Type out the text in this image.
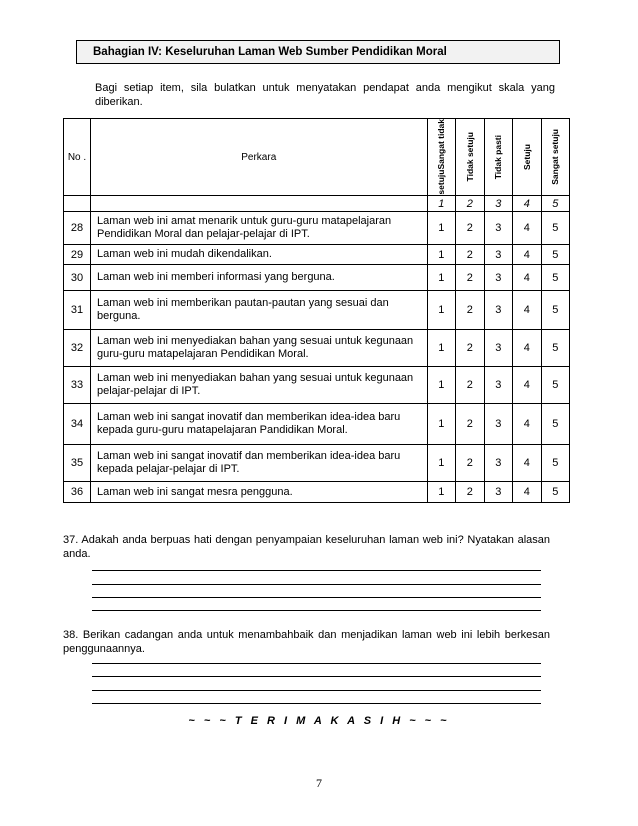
Bahagian IV: Keseluruhan Laman Web Sumber Pendidikan Moral
Bagi setiap item, sila bulatkan untuk menyatakan pendapat anda mengikut skala yang diberikan.
No .	Perkara	setujuSangat tidak	Tidak setuju	Tidak pasti	Setuju	Sangat setuju

		1	2	3	4	5
28	Laman web ini amat menarik untuk guru-guru matapelajaran Pendidikan Moral dan pelajar-pelajar di IPT.	1	2	3	4	5
29	Laman web ini mudah dikendalikan.	1	2	3	4	5
30	Laman web ini memberi informasi yang berguna.	1	2	3	4	5
31	Laman web ini memberikan pautan-pautan yang sesuai dan berguna.	1	2	3	4	5
32	Laman web ini menyediakan bahan yang sesuai untuk kegunaan guru-guru matapelajaran Pendidikan Moral.	1	2	3	4	5
33	Laman web ini menyediakan bahan yang sesuai untuk kegunaan pelajar-pelajar di IPT.	1	2	3	4	5
34	Laman web ini sangat inovatif dan memberikan idea-idea baru kepada guru-guru matapelajaran Pandidikan Moral.	1	2	3	4	5
35	Laman web ini sangat inovatif dan memberikan idea-idea baru kepada pelajar-pelajar di IPT.	1	2	3	4	5
36	Laman web ini sangat mesra pengguna.	1	2	3	4	5
37. Adakah anda berpuas hati dengan penyampaian keseluruhan laman web ini? Nyatakan alasan anda.
38. Berikan cadangan anda untuk menambahbaik dan menjadikan laman web ini lebih berkesan penggunaannya.
~ ~ ~ T E R I M A K A S I H ~ ~ ~
7
